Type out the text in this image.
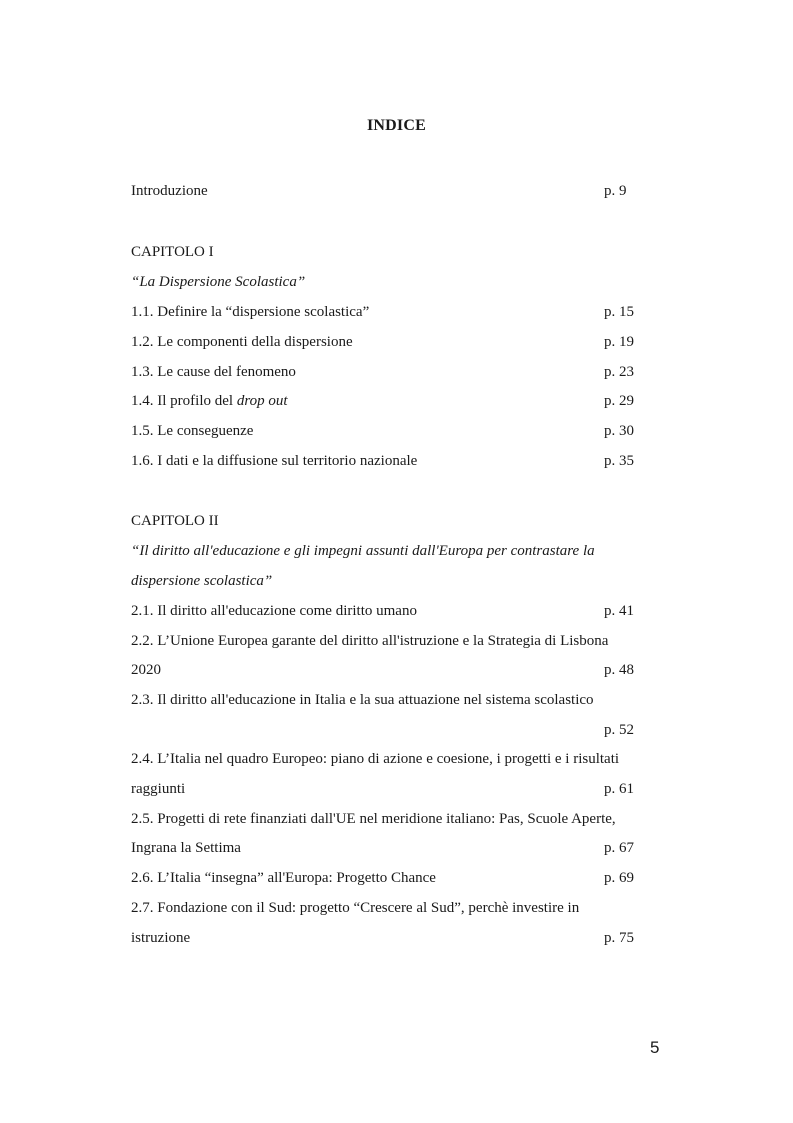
INDICE
Introduzione	p. 9
CAPITOLO I
“La Dispersione Scolastica”
1.1. Definire la “dispersione scolastica”	p. 15
1.2. Le componenti della dispersione	p. 19
1.3. Le cause del fenomeno	p. 23
1.4. Il profilo del drop out	p. 29
1.5. Le conseguenze	p. 30
1.6. I dati e la diffusione sul territorio nazionale	p. 35
CAPITOLO II
“Il diritto all'educazione e gli impegni assunti dall'Europa per contrastare la
dispersione scolastica”
2.1. Il diritto all'educazione come diritto umano	p. 41
2.2. L’Unione Europea garante del diritto all'istruzione e la Strategia di Lisbona
2020	p. 48
2.3. Il diritto all'educazione in Italia e la sua attuazione nel sistema scolastico
p. 52
2.4. L’Italia nel quadro Europeo: piano di azione e coesione, i progetti e i risultati
raggiunti	p. 61
2.5. Progetti di rete finanziati dall'UE nel meridione italiano: Pas, Scuole Aperte,
Ingrana la Settima	p. 67
2.6. L’Italia “insegna” all'Europa: Progetto Chance	p. 69
2.7. Fondazione con il Sud: progetto “Crescere al Sud”, perchè investire in
istruzione	p. 75
5
